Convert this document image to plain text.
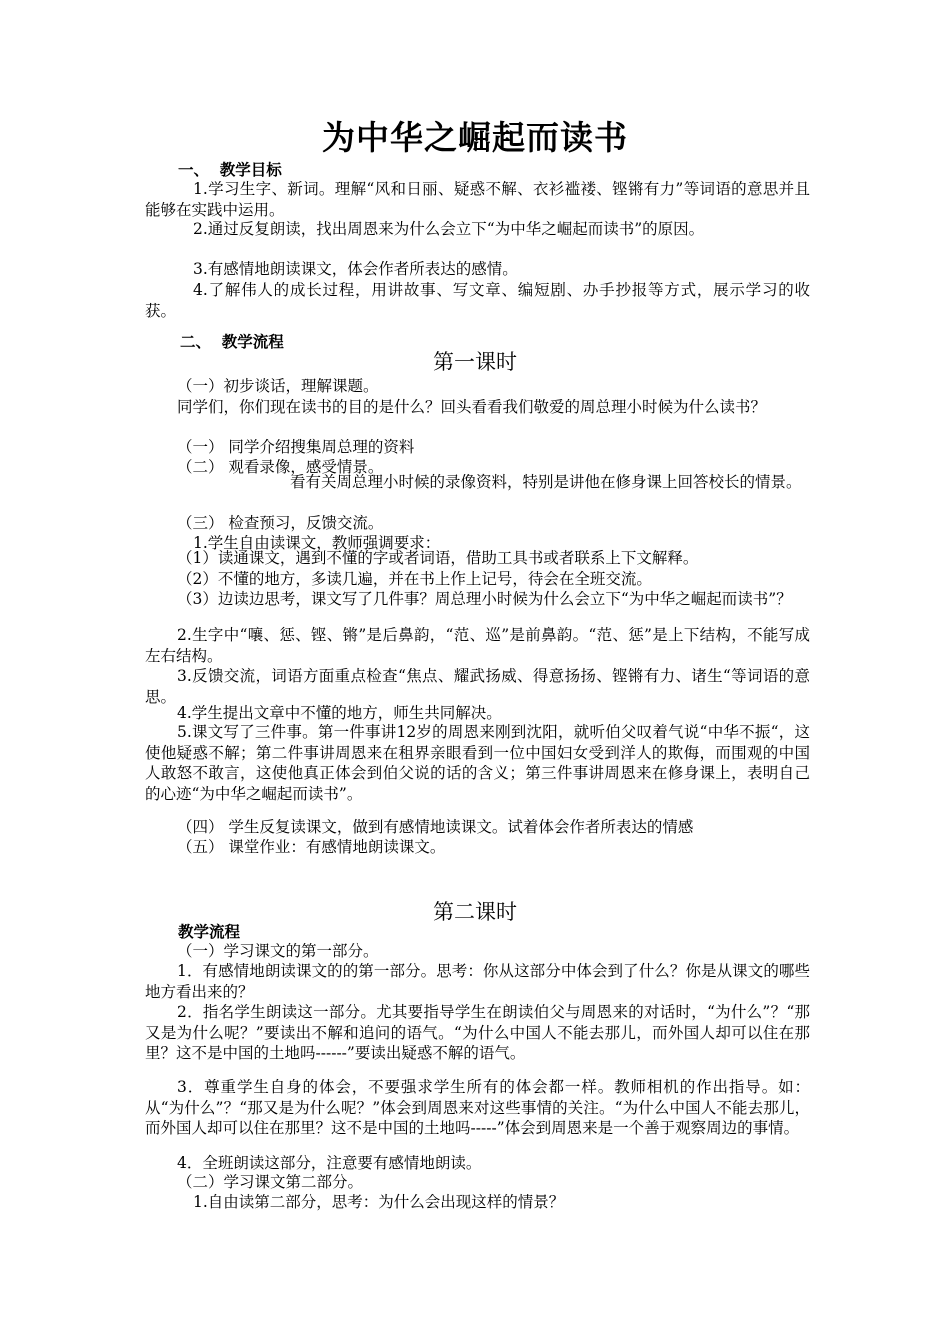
为中华之崛起而读书
一、  教学目标
1.学习生字、新词。理解“风和日丽、疑惑不解、衣衫褴褛、铿锵有力”等词语的意思并且能够在实践中运用。
2.通过反复朗读，找出周恩来为什么会立下“为中华之崛起而读书”的原因。
3.有感情地朗读课文，体会作者所表达的感情。
4.了解伟人的成长过程，用讲故事、写文章、编短剧、办手抄报等方式，展示学习的收获。
二、  教学流程
第一课时
（一）初步谈话，理解课题。
同学们，你们现在读书的目的是什么？回头看看我们敬爱的周总理小时候为什么读书？
（一） 同学介绍搜集周总理的资料
（二） 观看录像，感受情景。
看有关周总理小时候的录像资料，特别是讲他在修身课上回答校长的情景。
（三） 检查预习，反馈交流。
1.学生自由读课文，教师强调要求：
（1）读通课文，遇到不懂的字或者词语，借助工具书或者联系上下文解释。
（2）不懂的地方，多读几遍，并在书上作上记号，待会在全班交流。
（3）边读边思考，课文写了几件事？周总理小时候为什么会立下“为中华之崛起而读书”？
2.生字中“嚷、惩、铿、锵”是后鼻韵，“范、巡”是前鼻韵。“范、惩”是上下结构，不能写成左右结构。
3.反馈交流，词语方面重点检查“焦点、耀武扬威、得意扬扬、铿锵有力、诸生“等词语的意思。
4.学生提出文章中不懂的地方，师生共同解决。
5.课文写了三件事。第一件事讲12岁的周恩来刚到沈阳，就听伯父叹着气说“中华不振“，这使他疑惑不解；第二件事讲周恩来在租界亲眼看到一位中国妇女受到洋人的欺侮，而围观的中国人敢怒不敢言，这使他真正体会到伯父说的话的含义；第三件事讲周恩来在修身课上，表明自己的心迹“为中华之崛起而读书”。
（四） 学生反复读课文，做到有感情地读课文。试着体会作者所表达的情感
（五） 课堂作业：有感情地朗读课文。
第二课时
教学流程
（一）学习课文的第一部分。
1．有感情地朗读课文的的第一部分。思考：你从这部分中体会到了什么？你是从课文的哪些地方看出来的？
2．指名学生朗读这一部分。尤其要指导学生在朗读伯父与周恩来的对话时，“为什么”？“那又是为什么呢？”要读出不解和追问的语气。“为什么中国人不能去那儿，而外国人却可以住在那里？这不是中国的土地吗------”要读出疑惑不解的语气。
3．尊重学生自身的体会，不要强求学生所有的体会都一样。教师相机的作出指导。如：从“为什么”？“那又是为什么呢？”体会到周恩来对这些事情的关注。“为什么中国人不能去那儿，而外国人却可以住在那里？这不是中国的土地吗-----”体会到周恩来是一个善于观察周边的事情。
4．全班朗读这部分，注意要有感情地朗读。
（二）学习课文第二部分。
1.自由读第二部分，思考：为什么会出现这样的情景？
